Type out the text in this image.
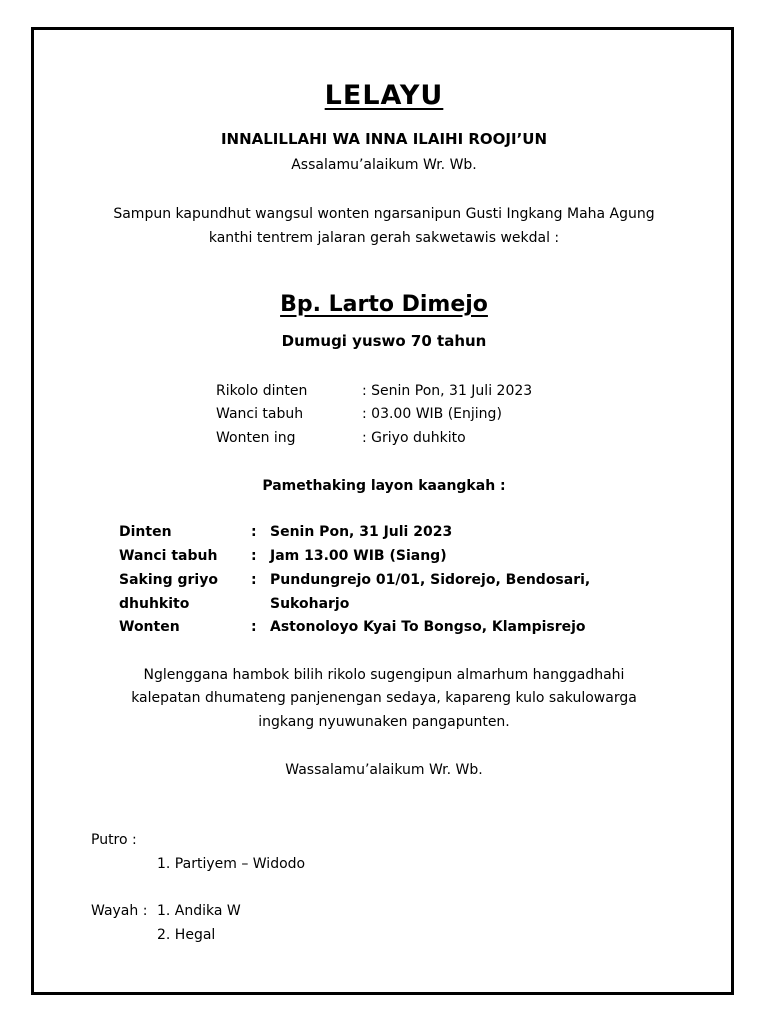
LELAYU
INNALILLAHI WA INNA ILAIHI ROOJI’UN
Assalamu’alaikum Wr. Wb.
Sampun kapundhut wangsul wonten ngarsanipun Gusti Ingkang Maha Agung
kanthi tentrem jalaran gerah sakwetawis wekdal :
Bp. Larto Dimejo
Dumugi yuswo 70 tahun
Rikolo dinten	: Senin Pon, 31 Juli 2023
Wanci tabuh	: 03.00 WIB (Enjing)
Wonten ing	: Griyo duhkito
Pamethaking layon kaangkah :
Dinten	: Senin Pon, 31 Juli 2023
Wanci tabuh : Jam 13.00 WIB (Siang)
Saking griyo : Pundungrejo 01/01, Sidorejo, Bendosari,
dhuhkito	Sukoharjo
Wonten	: Astonoloyo Kyai To Bongso, Klampisrejo
Nglenggana hambok bilih rikolo sugengipun almarhum hanggadhahi
kalepatan dhumateng panjenengan sedaya, kapareng kulo sakulowarga
ingkang nyuwunaken pangapunten.
Wassalamu’alaikum Wr. Wb.
Putro :
1. Partiyem – Widodo
Wayah : 1. Andika W
2. Hegal
